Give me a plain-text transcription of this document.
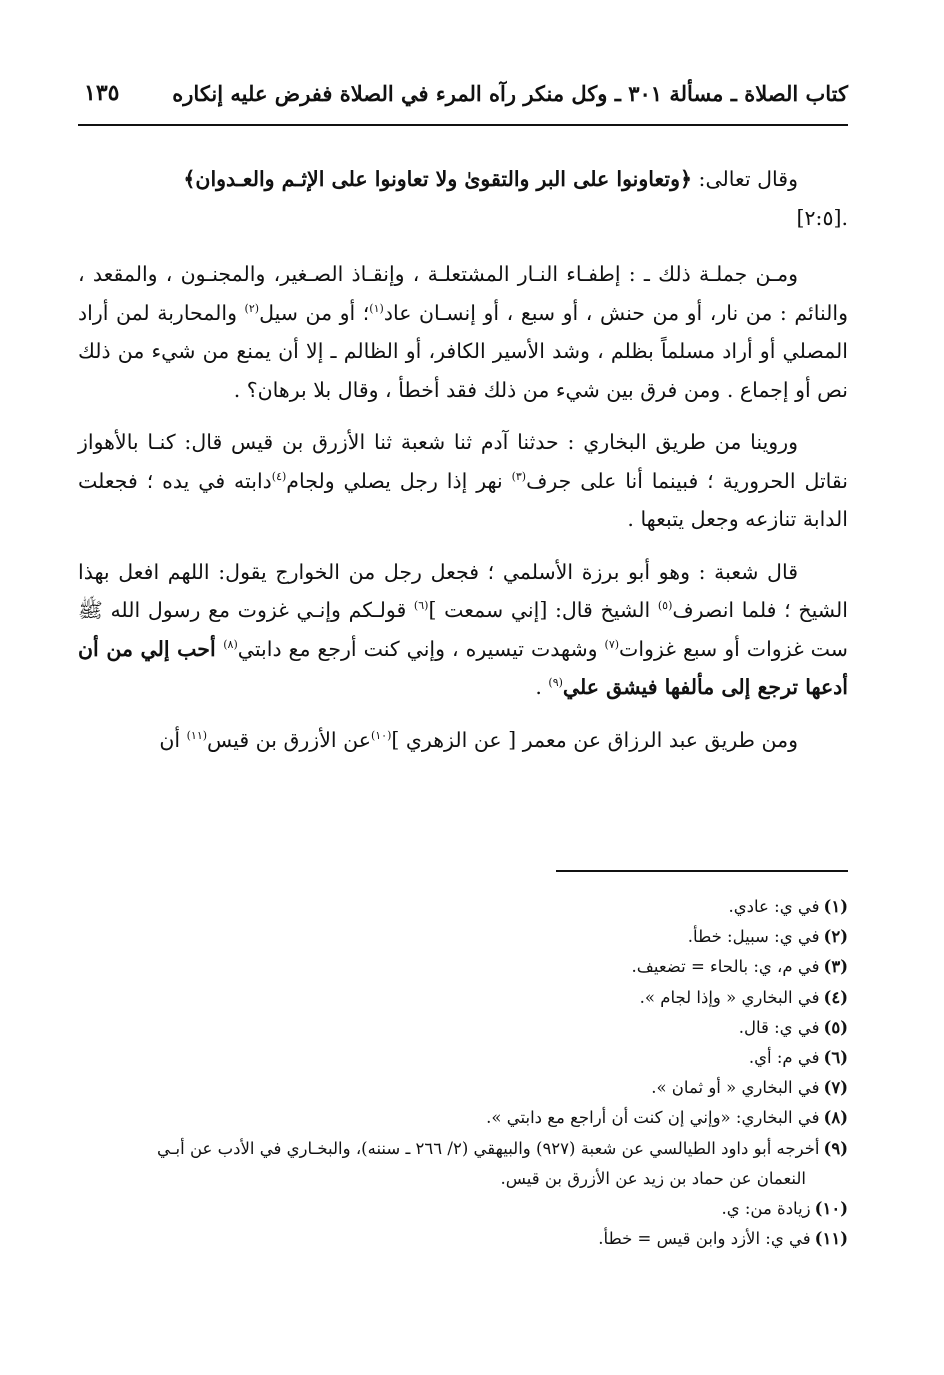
كتاب الصلاة ـ مسألة ٣٠١ ـ وكل منكر رآه المرء في الصلاة ففرض عليه إنكاره
١٣٥

وقال تعالى: ﴿وتعاونوا على البر والتقوىٰ ولا تعاونوا على الإثـم والعـدوان﴾
.[٢:٥]

ومـن جملـة ذلك ـ : إطفـاء النـار المشتعلـة ، وإنقـاذ الصـغير، والمجنـون ، والمقعد ، والنائم : من نار، أو من حنش ، أو سبع ، أو إنسـان عاد$^{(١)}$؛ أو من سيل$^{(٢)}$ والمحاربة لمن أراد المصلي أو أراد مسلماً بظلم ، وشد الأسير الكافر، أو الظالم ـ إلا أن يمنع من شيء من ذلك نص أو إجماع . ومن فرق بين شيء من ذلك فقد أخطأ ، وقال بلا برهان؟ .

وروينا من طريق البخاري : حدثنا آدم ثنا شعبة ثنا الأزرق بن قيس قال: كنـا بالأهواز نقاتل الحرورية ؛ فبينما أنا على جرف$^{(٣)}$ نهر إذا رجل يصلي ولجام$^{(٤)}$دابته في يده ؛ فجعلت الدابة تنازعه وجعل يتبعها .

قال شعبة : وهو أبو برزة الأسلمي ؛ فجعل رجل من الخوارج يقول: اللهم افعل بهذا الشيخ ؛ فلما انصرف$^{(٥)}$ الشيخ قال: [إني سمعت ]$^{(٦)}$ قولـكم وإنـي غزوت مع رسول الله ﷺ ست غزوات أو سبع غزوات$^{(٧)}$ وشهدت تيسيره ، وإني كنت أرجع مع دابتي$^{(٨)}$ أحب إلي من أن أدعها ترجع إلى مألفها فيشق علي$^{(٩)}$ .

ومن طريق عبد الرزاق عن معمر [ عن الزهري ]$^{(١٠)}$عن الأزرق بن قيس$^{(١١)}$ أن

(١)في ي: عادي.
(٢)في ي: سبيل: خطأ.
(٣)في م، ي: بالحاء = تضعيف.
(٤)في البخاري « وإذا لجام ».
(٥)في ي: قال.
(٦)في م: أي.
(٧)في البخاري « أو ثمان ».
(٨)في البخاري: «وإني إن كنت أن أراجع مع دابتي ».
(٩)أخرجه أبو داود الطيالسي عن شعبة (٩٢٧) والبيهقي (٢/ ٢٦٦ ـ سننه)، والبخـاري في الأدب عن أبـي
النعمان عن حماد بن زيد عن الأزرق بن قيس.
(١٠)زيادة من: ي.
(١١)في ي: الأزد وابن قيس = خطأ.
